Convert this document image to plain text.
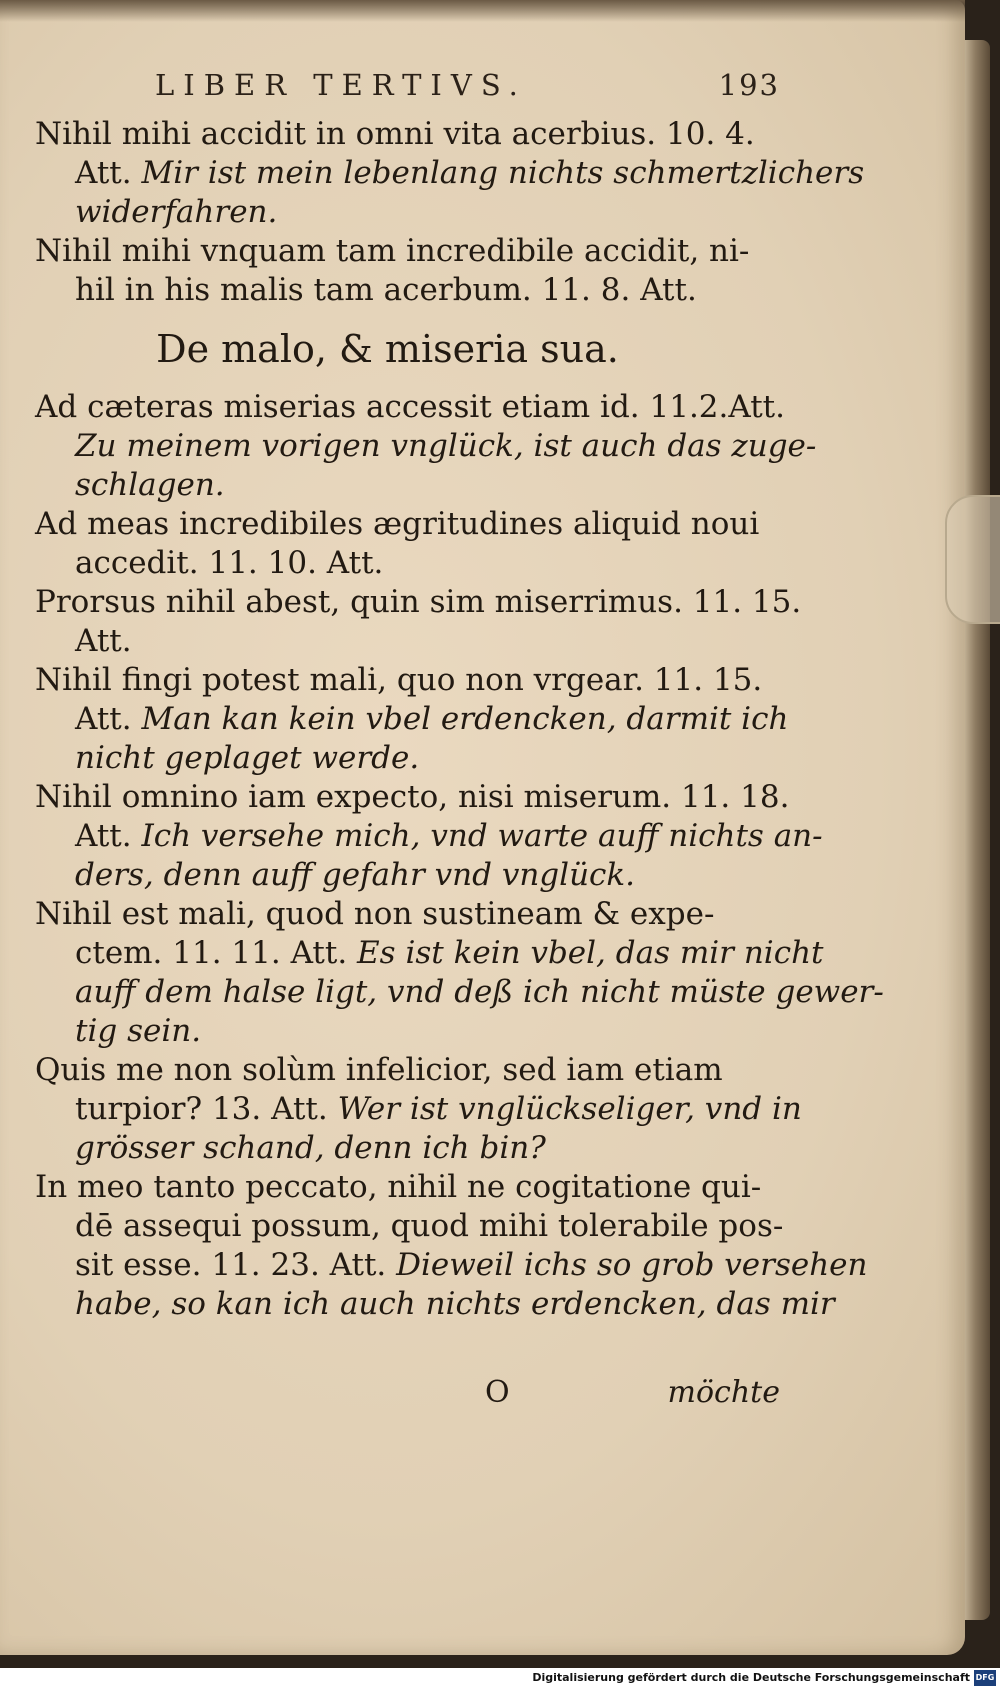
LIBER TERTIVS.	193
Nihil mihi accidit in omni vita acerbius. 10. 4.
Att. Mir ist mein lebenlang nichts schmertzlichers
widerfahren.
Nihil mihi vnquam tam incredibile accidit, ni-
hil in his malis tam acerbum. 11. 8. Att.
De malo, & miseria sua.
Ad cæteras miserias accessit etiam id. 11.2.Att.
Zu meinem vorigen vnglück, ist auch das zuge-
schlagen.
Ad meas incredibiles ægritudines aliquid noui
accedit. 11. 10. Att.
Prorsus nihil abest, quin sim miserrimus. 11. 15.
Att.
Nihil fingi potest mali, quo non vrgear. 11. 15.
Att. Man kan kein vbel erdencken, darmit ich
nicht geplaget werde.
Nihil omnino iam expecto, nisi miserum. 11. 18.
Att. Ich versehe mich, vnd warte auff nichts an-
ders, denn auff gefahr vnd vnglück.
Nihil est mali, quod non sustineam & expe-
ctem. 11. 11. Att. Es ist kein vbel, das mir nicht
auff dem halse ligt, vnd deß ich nicht müste gewer-
tig sein.
Quis me non solùm infelicior, sed iam etiam
turpior? 13. Att. Wer ist vnglückseliger, vnd in
grösser schand, denn ich bin?
In meo tanto peccato, nihil ne cogitatione qui-
dē assequi possum, quod mihi tolerabile pos-
sit esse. 11. 23. Att. Dieweil ichs so grob versehen
habe, so kan ich auch nichts erdencken, das mir
O	möchte
Digitalisierung gefördert durch die Deutsche Forschungsgemeinschaft DFG
